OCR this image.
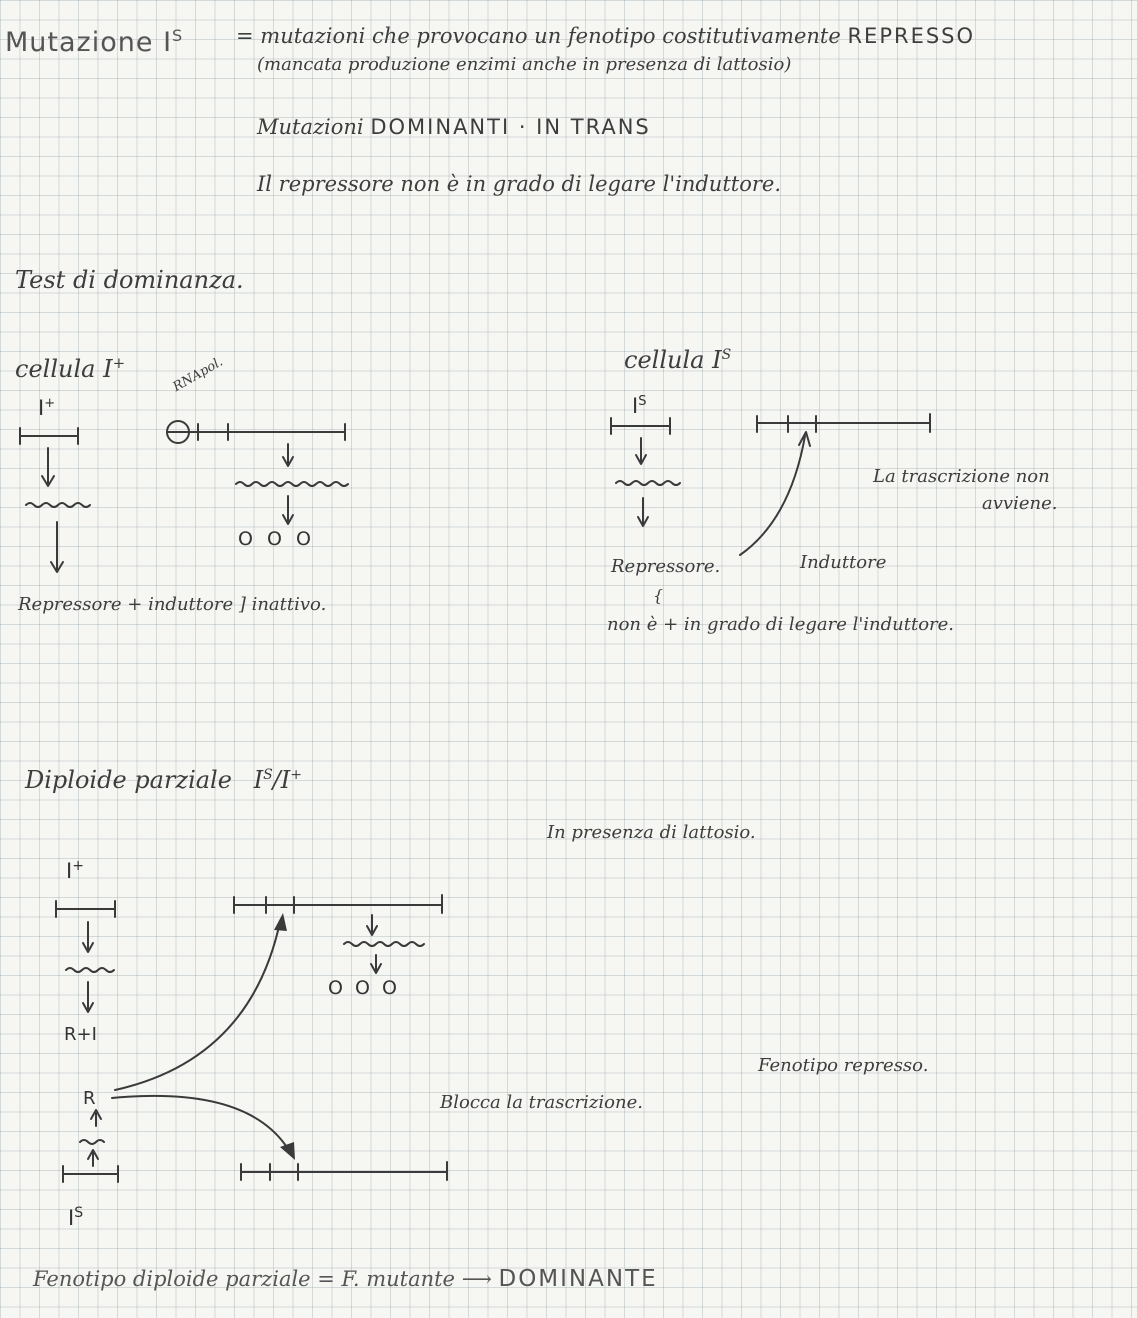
Mutazione $I^S$	= mutazioni che provocano un fenotipo costitutivamente REPRESSO
(mancata produzione enzimi anche in presenza di lattosio)
Mutazioni DOMINANTI · IN TRANS
Il repressore non è in grado di legare l'induttore.
Test di dominanza.
cellula I+
I+
RNApol.
O O O
Repressore + induttore ] inattivo.
cellula $I^S$
$I^S$
La trascrizione non
avviene.
Repressore.	Induttore
{
non è + in grado di legare l'induttore.
Diploide parziale $I^S/I^+$
In presenza di lattosio.
I+
R+I
R
O O O
Blocca la trascrizione.
Fenotipo represso.
$I^S$
Fenotipo diploide parziale = F. mutante ⟶ DOMINANTE
